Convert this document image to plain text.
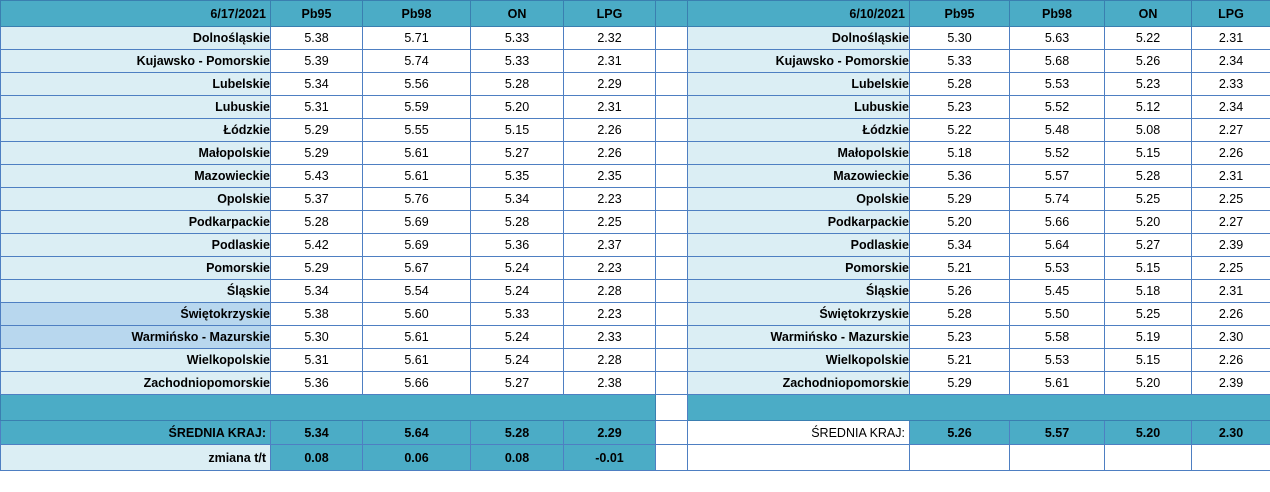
6/17/2021	Pb95	Pb98	ON	LPG		6/10/2021	Pb95	Pb98	ON	LPG
Dolnośląskie	5.38	5.71	5.33	2.32		Dolnośląskie	5.30	5.63	5.22	2.31
Kujawsko - Pomorskie	5.39	5.74	5.33	2.31		Kujawsko - Pomorskie	5.33	5.68	5.26	2.34
Lubelskie	5.34	5.56	5.28	2.29		Lubelskie	5.28	5.53	5.23	2.33
Lubuskie	5.31	5.59	5.20	2.31		Lubuskie	5.23	5.52	5.12	2.34
Łódzkie	5.29	5.55	5.15	2.26		Łódzkie	5.22	5.48	5.08	2.27
Małopolskie	5.29	5.61	5.27	2.26		Małopolskie	5.18	5.52	5.15	2.26
Mazowieckie	5.43	5.61	5.35	2.35		Mazowieckie	5.36	5.57	5.28	2.31
Opolskie	5.37	5.76	5.34	2.23		Opolskie	5.29	5.74	5.25	2.25
Podkarpackie	5.28	5.69	5.28	2.25		Podkarpackie	5.20	5.66	5.20	2.27
Podlaskie	5.42	5.69	5.36	2.37		Podlaskie	5.34	5.64	5.27	2.39
Pomorskie	5.29	5.67	5.24	2.23		Pomorskie	5.21	5.53	5.15	2.25
Śląskie	5.34	5.54	5.24	2.28		Śląskie	5.26	5.45	5.18	2.31
Świętokrzyskie	5.38	5.60	5.33	2.23		Świętokrzyskie	5.28	5.50	5.25	2.26
Warmińsko - Mazurskie	5.30	5.61	5.24	2.33		Warmińsko - Mazurskie	5.23	5.58	5.19	2.30
Wielkopolskie	5.31	5.61	5.24	2.28		Wielkopolskie	5.21	5.53	5.15	2.26
Zachodniopomorskie	5.36	5.66	5.27	2.38		Zachodniopomorskie	5.29	5.61	5.20	2.39

ŚREDNIA KRAJ:	5.34	5.64	5.28	2.29		ŚREDNIA KRAJ:	5.26	5.57	5.20	2.30
zmiana t/t	0.08	0.06	0.08	-0.01						
